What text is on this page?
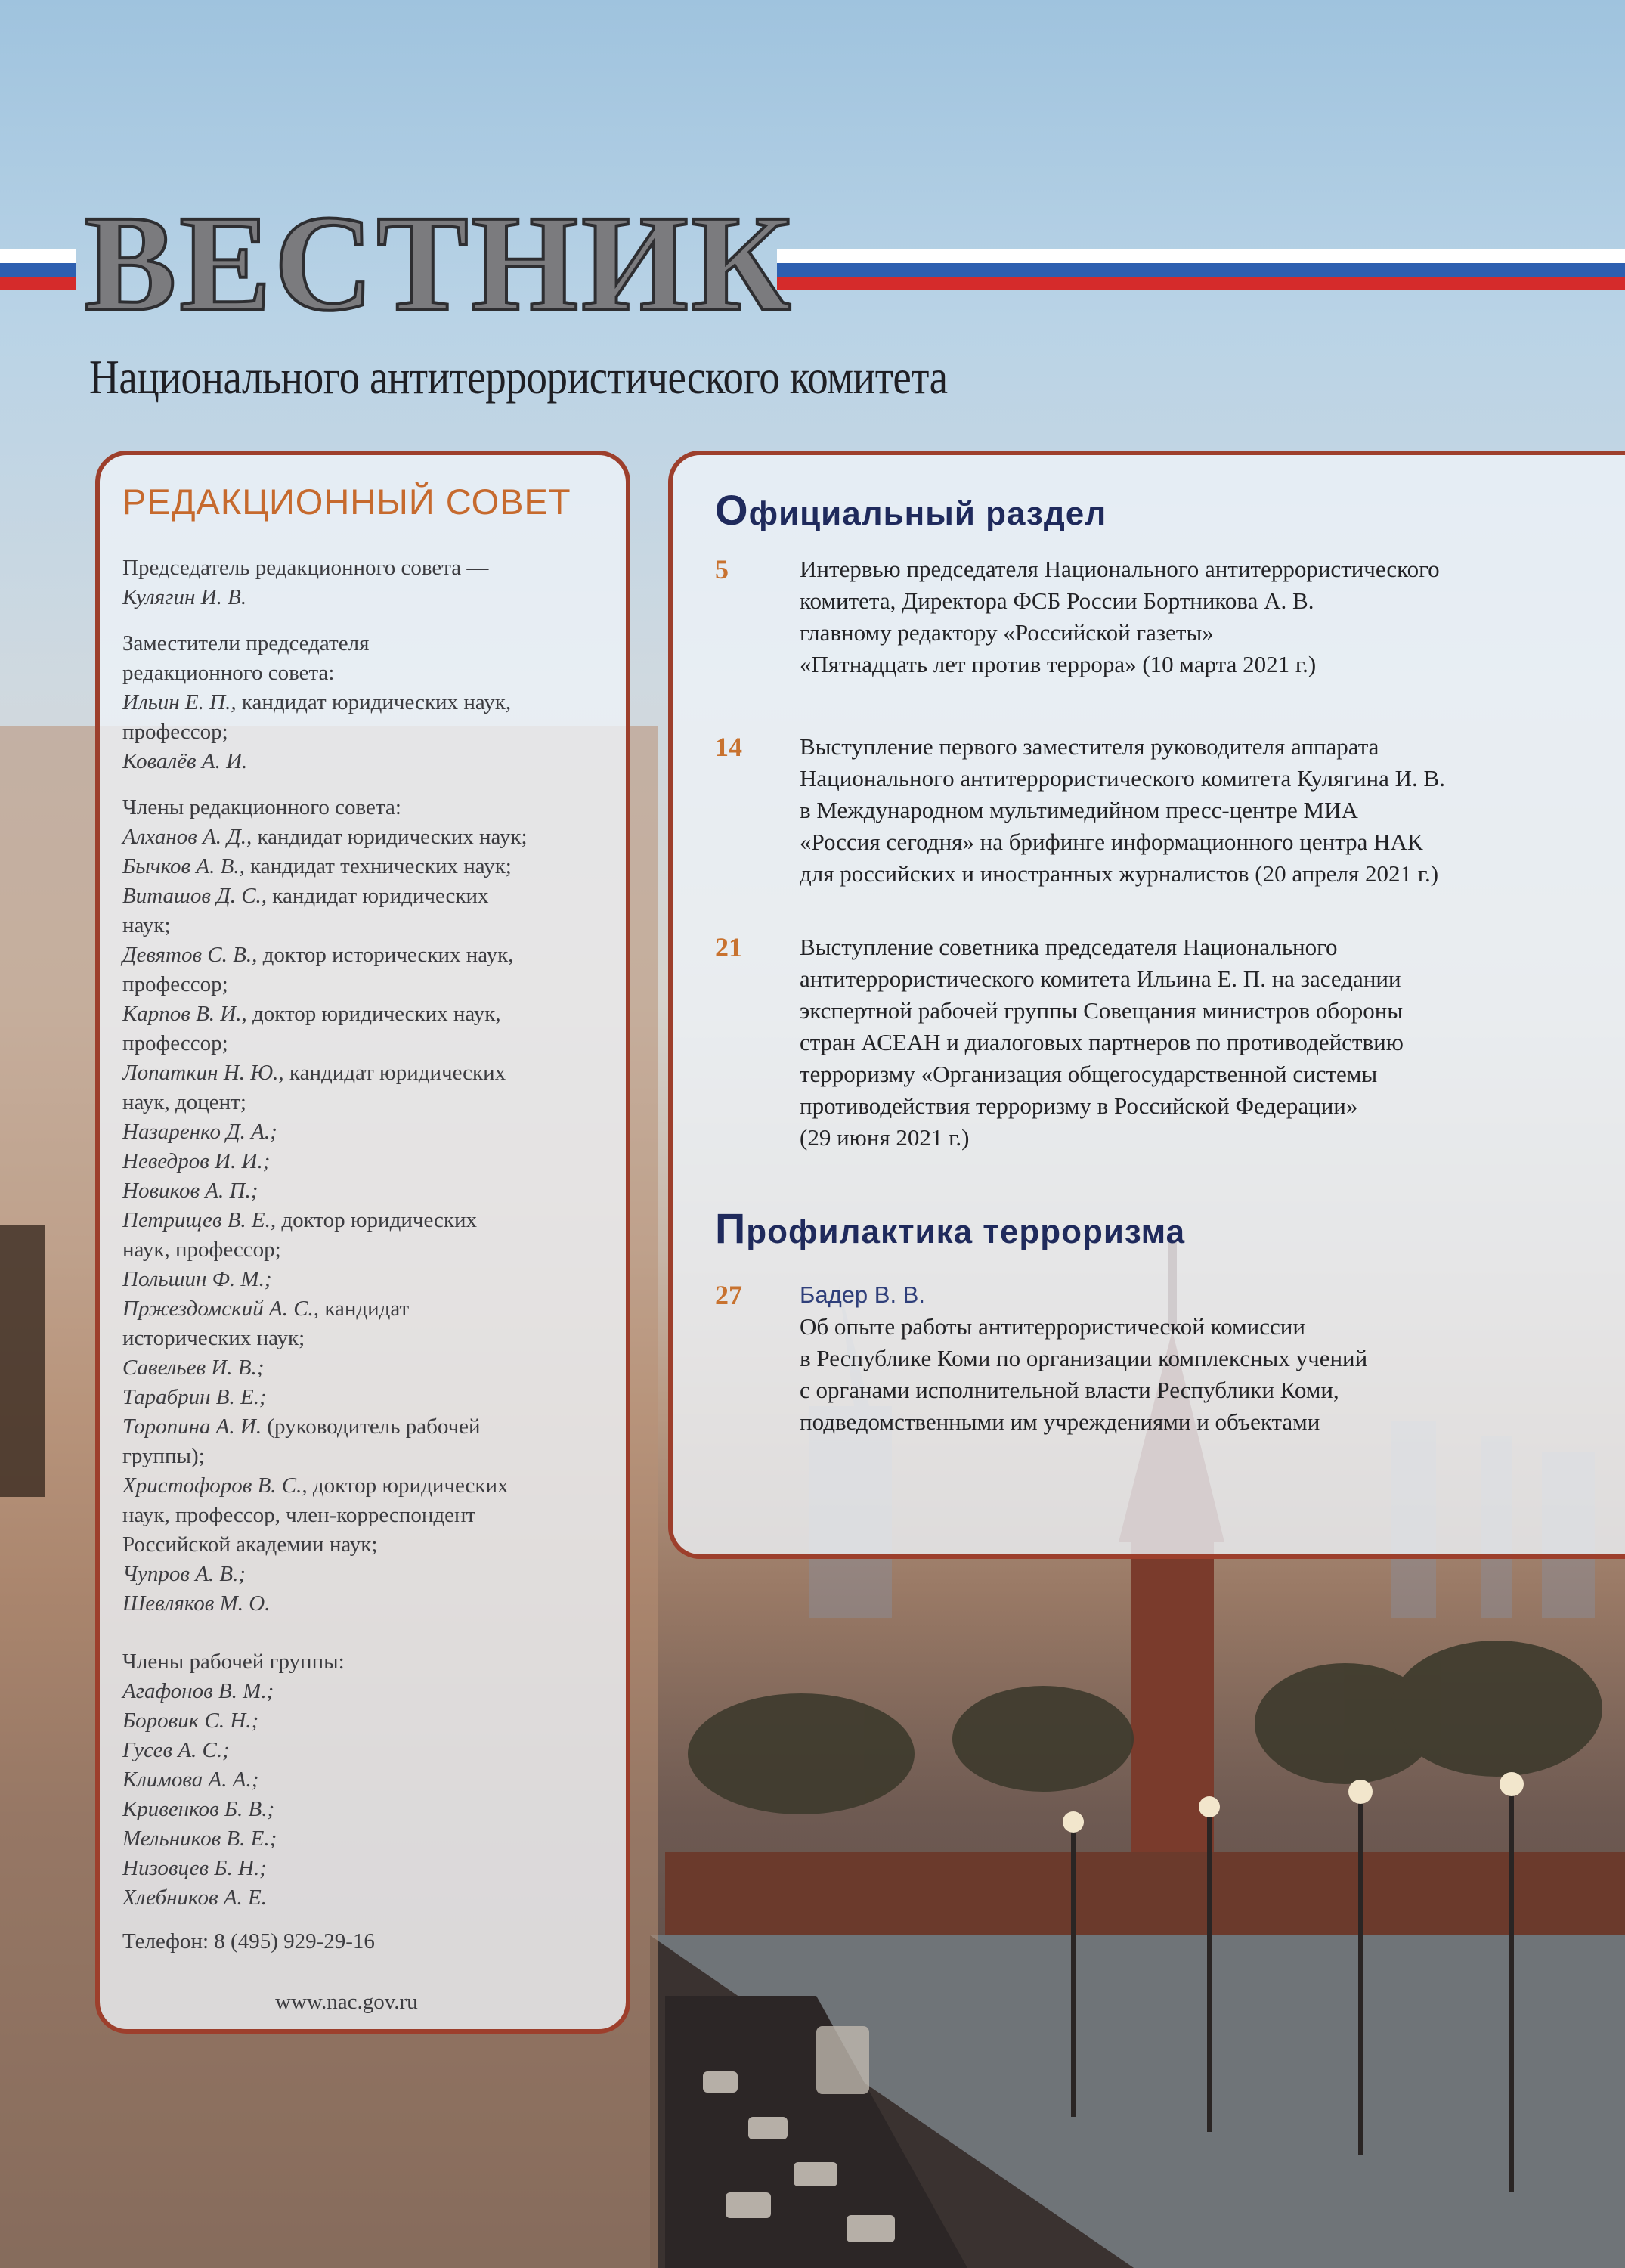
ВЕСТНИК
Национального антитеррористического комитета
РЕДАКЦИОННЫЙ СОВЕТ

Председатель редакционного совета —
Кулягин И. В.

Заместители председателя
редакционного совета:
Ильин Е. П., кандидат юридических наук,
профессор;
Ковалёв А. И.

Члены редакционного совета:
Алханов А. Д., кандидат юридических наук;
Бычков А. В., кандидат технических наук;
Виташов Д. С., кандидат юридических
наук;
Девятов С. В., доктор исторических наук,
профессор;
Карпов В. И., доктор юридических наук,
профессор;
Лопаткин Н. Ю., кандидат юридических
наук, доцент;
Назаренко Д. А.;
Неведров И. И.;
Новиков А. П.;
Петрищев В. Е., доктор юридических
наук, профессор;
Польшин Ф. М.;
Пржездомский А. С., кандидат
исторических наук;
Савельев И. В.;
Тарабрин В. Е.;
Торопина А. И. (руководитель рабочей
группы);
Христофоров В. С., доктор юридических
наук, профессор, член-корреспондент
Российской академии наук;
Чупров А. В.;
Шевляков М. О.

Члены рабочей группы:
Агафонов В. М.;
Боровик С. Н.;
Гусев А. С.;
Климова А. А.;
Кривенков Б. В.;
Мельников В. Е.;
Низовцев Б. Н.;
Хлебников А. Е.

Телефон: 8 (495) 929-29-16
www.nac.gov.ru
Официальный раздел
5	Интервью председателя Национального антитеррористического
комитета, Директора ФСБ России Бортникова А. В.
главному редактору «Российской газеты»
«Пятнадцать лет против террора» (10 марта 2021 г.)
14 Выступление первого заместителя руководителя аппарата
Национального антитеррористического комитета Кулягина И. В.
в Международном мультимедийном пресс-центре МИА
«Россия сегодня» на брифинге информационного центра НАК
для российских и иностранных журналистов (20 апреля 2021 г.)
21 Выступление советника председателя Национального
антитеррористического комитета Ильина Е. П. на заседании
экспертной рабочей группы Совещания министров обороны
стран АСЕАН и диалоговых партнеров по противодействию
терроризму «Организация общегосударственной системы
противодействия терроризму в Российской Федерации»
(29 июня 2021 г.)
Профилактика терроризма
27 Бадер В. В.
Об опыте работы антитеррористической комиссии
в Республике Коми по организации комплексных учений
с органами исполнительной власти Республики Коми,
подведомственными им учреждениями и объектами
